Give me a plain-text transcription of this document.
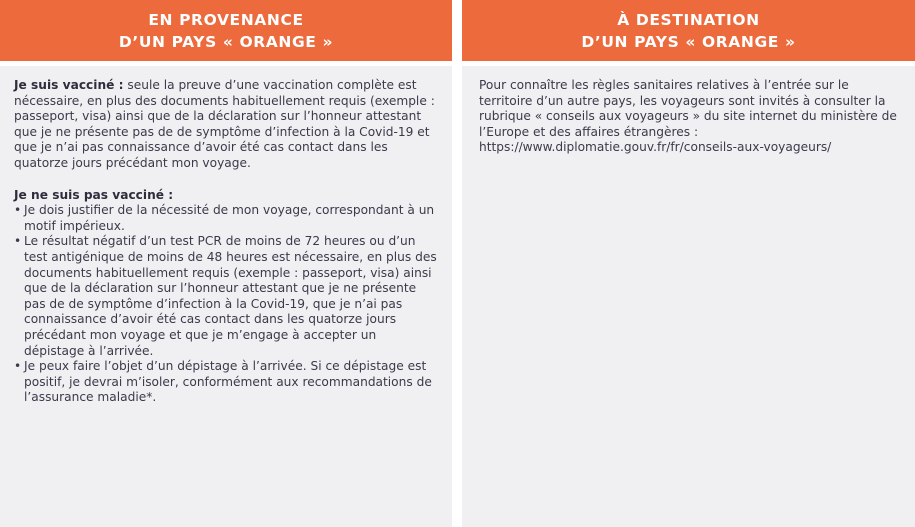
EN PROVENANCE
D’UN PAYS « ORANGE »

Je suis vacciné : seule la preuve d’une vaccination complète est nécessaire, en plus des documents habituellement requis (exemple : passeport, visa) ainsi que de la déclaration sur l’honneur attestant que je ne présente pas de de symptôme d’infection à la Covid-19 et que je n’ai pas connaissance d’avoir été cas contact dans les quatorze jours précédant mon voyage.

Je ne suis pas vacciné :

• Je dois justifier de la nécessité de mon voyage, correspondant à un motif impérieux.
• Le résultat négatif d’un test PCR de moins de 72 heures ou d’un test antigénique de moins de 48 heures est nécessaire, en plus des documents habituellement requis (exemple : passeport, visa) ainsi que de la déclaration sur l’honneur attestant que je ne présente pas de de symptôme d’infection à la Covid-19, que je n’ai pas connaissance d’avoir été cas contact dans les quatorze jours précédant mon voyage et que je m’engage à accepter un dépistage à l’arrivée.
• Je peux faire l’objet d’un dépistage à l’arrivée. Si ce dépistage est positif, je devrai m’isoler, conformément aux recommandations de l’assurance maladie*.
À DESTINATION
D’UN PAYS « ORANGE »

Pour connaître les règles sanitaires relatives à l’entrée sur le territoire d’un autre pays, les voyageurs sont invités à consulter la rubrique « conseils aux voyageurs » du site internet du ministère de l’Europe et des affaires étrangères :
https://www.diplomatie.gouv.fr/fr/conseils-aux-voyageurs/
